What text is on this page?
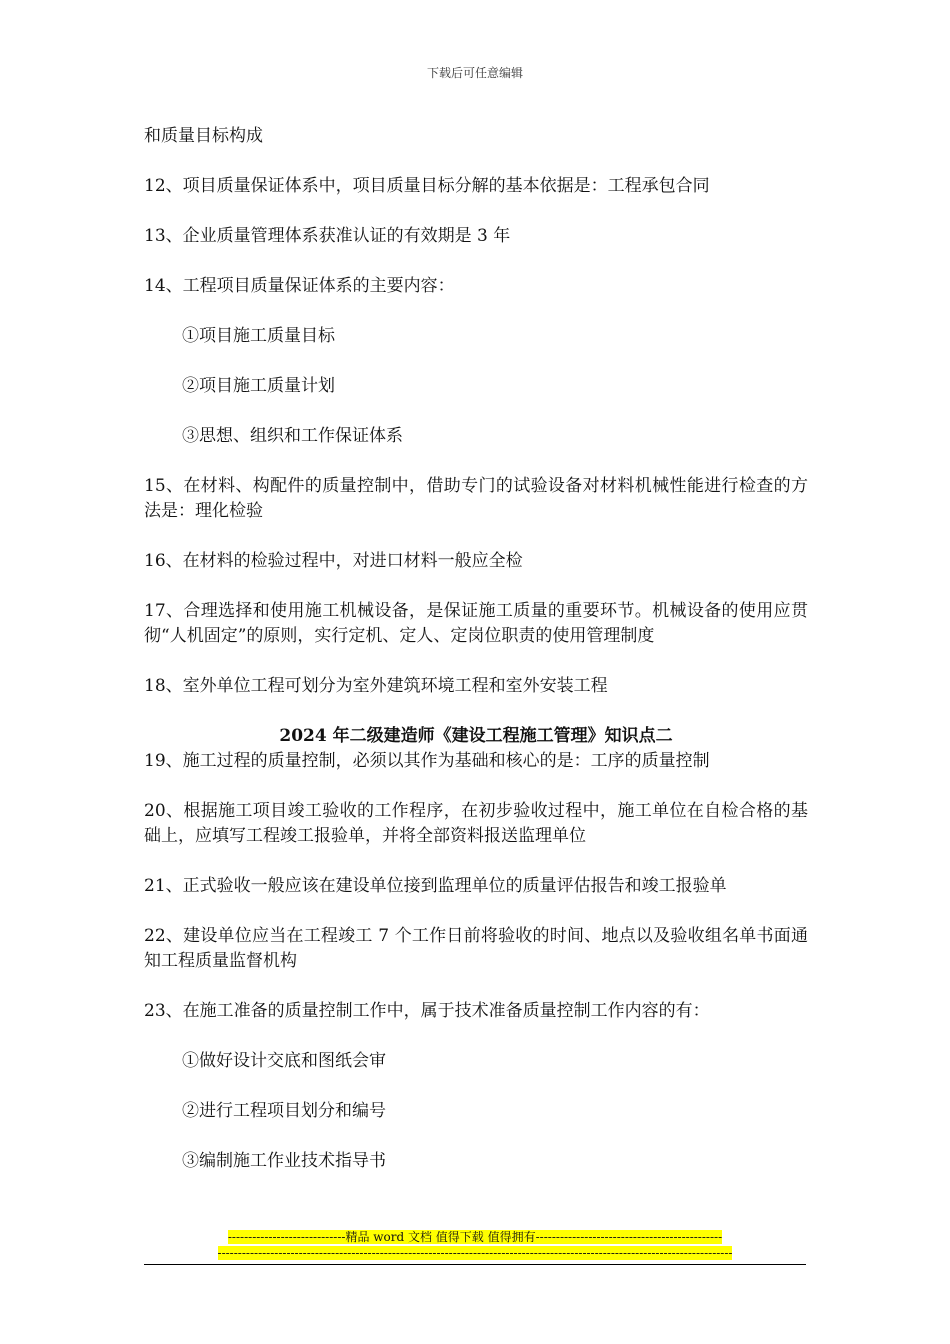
下载后可任意编辑

和质量目标构成

12、项目质量保证体系中，项目质量目标分解的基本依据是：工程承包合同

13、企业质量管理体系获准认证的有效期是 3 年

14、工程项目质量保证体系的主要内容：

①项目施工质量目标

②项目施工质量计划

③思想、组织和工作保证体系

15、在材料、构配件的质量控制中，借助专门的试验设备对材料机械性能进行检查的方法是：理化检验

16、在材料的检验过程中，对进口材料一般应全检

17、合理选择和使用施工机械设备，是保证施工质量的重要环节。机械设备的使用应贯彻“人机固定”的原则，实行定机、定人、定岗位职责的使用管理制度

18、室外单位工程可划分为室外建筑环境工程和室外安装工程

2024 年二级建造师《建设工程施工管理》知识点二

19、施工过程的质量控制，必须以其作为基础和核心的是：工序的质量控制

20、根据施工项目竣工验收的工作程序，在初步验收过程中，施工单位在自检合格的基础上，应填写工程竣工报验单，并将全部资料报送监理单位

21、正式验收一般应该在建设单位接到监理单位的质量评估报告和竣工报验单

22、建设单位应当在工程竣工 7 个工作日前将验收的时间、地点以及验收组名单书面通知工程质量监督机构

23、在施工准备的质量控制工作中，属于技术准备质量控制工作内容的有：

①做好设计交底和图纸会审

②进行工程项目划分和编号

③编制施工作业技术指导书

-----------------------------精品 word 文档 值得下载 值得拥有----------------------------------------------
-------------------------------------------------------------------------------------------------------------------------------
